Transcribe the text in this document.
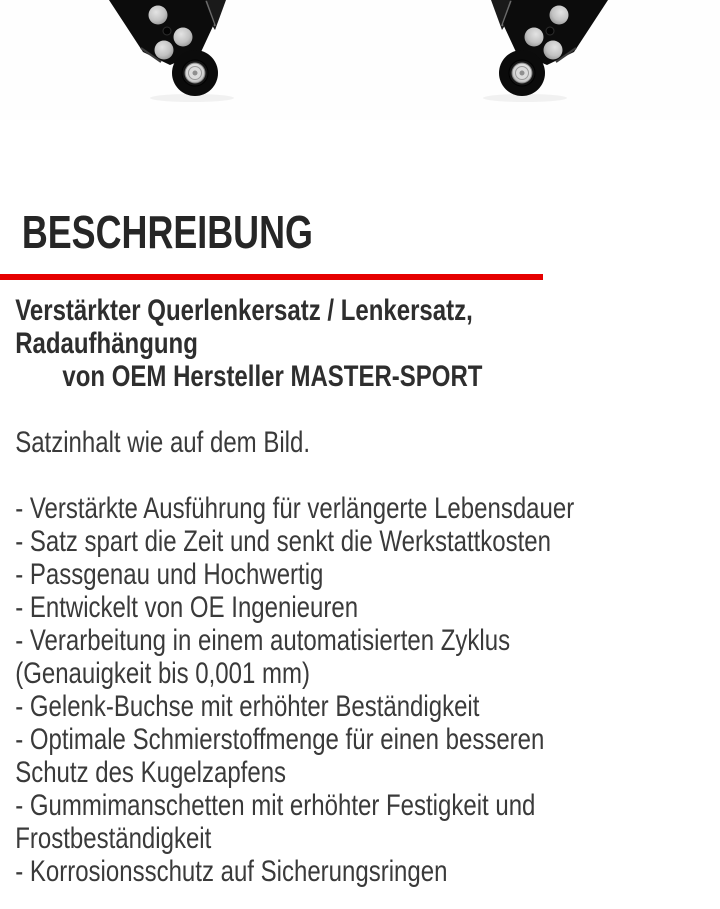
BESCHREIBUNG
Verstärkter Querlenkersatz / Lenkersatz,
Radaufhängung
von OEM Hersteller MASTER-SPORT
Satzinhalt wie auf dem Bild.
- Verstärkte Ausführung für verlängerte Lebensdauer
- Satz spart die Zeit und senkt die Werkstattkosten
- Passgenau und Hochwertig
- Entwickelt von OE Ingenieuren
- Verarbeitung in einem automatisierten Zyklus
(Genauigkeit bis 0,001 mm)
- Gelenk-Buchse mit erhöhter Beständigkeit
- Optimale Schmierstoffmenge für einen besseren
Schutz des Kugelzapfens
- Gummimanschetten mit erhöhter Festigkeit und
Frostbeständigkeit
- Korrosionsschutz auf Sicherungsringen
